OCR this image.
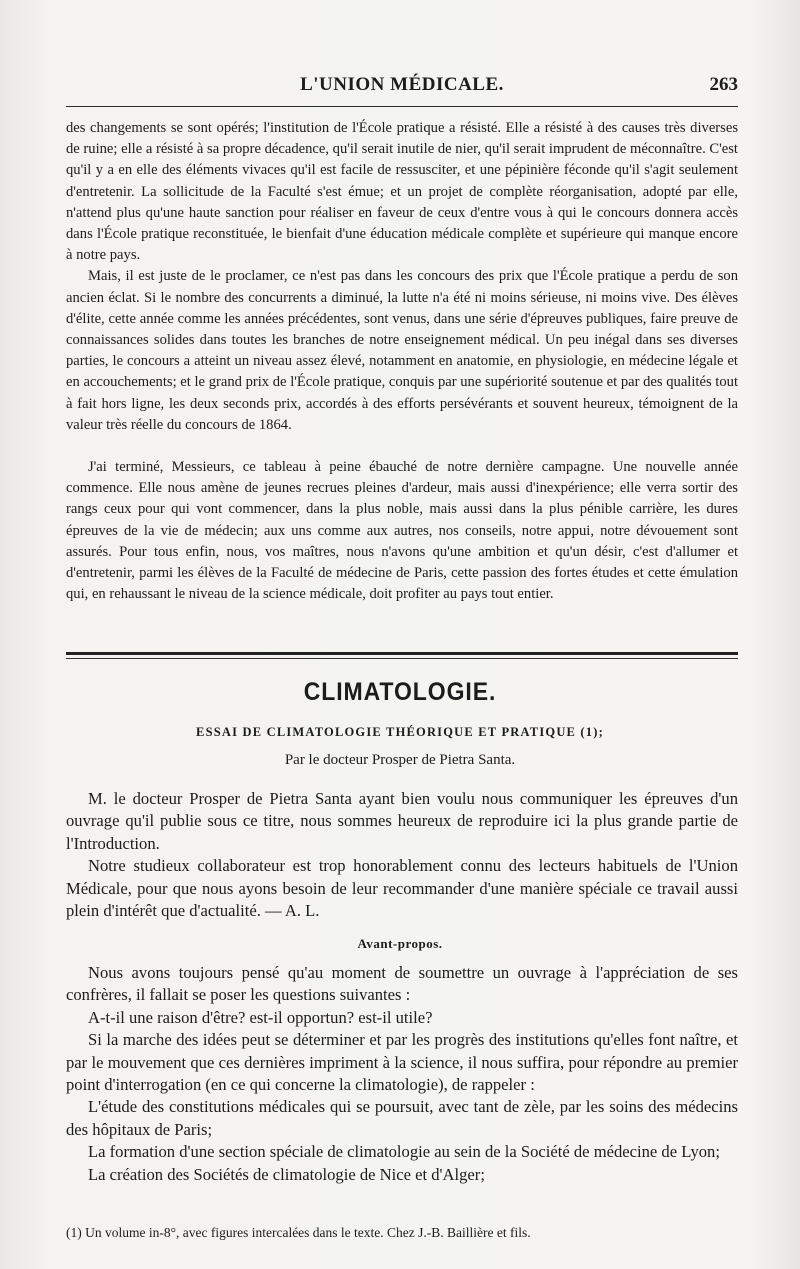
L'UNION MÉDICALE.	263

des changements se sont opérés; l'institution de l'École pratique a résisté. Elle a résisté à des causes très diverses de ruine; elle a résisté à sa propre décadence, qu'il serait inutile de nier, qu'il serait imprudent de méconnaître. C'est qu'il y a en elle des éléments vivaces qu'il est facile de ressusciter, et une pépinière féconde qu'il s'agit seulement d'entretenir. La sollicitude de la Faculté s'est émue; et un projet de complète réorganisation, adopté par elle, n'attend plus qu'une haute sanction pour réaliser en faveur de ceux d'entre vous à qui le concours donnera accès dans l'École pratique reconstituée, le bienfait d'une éducation médicale complète et supérieure qui manque encore à notre pays.

Mais, il est juste de le proclamer, ce n'est pas dans les concours des prix que l'École pratique a perdu de son ancien éclat. Si le nombre des concurrents a diminué, la lutte n'a été ni moins sérieuse, ni moins vive. Des élèves d'élite, cette année comme les années précédentes, sont venus, dans une série d'épreuves publiques, faire preuve de connaissances solides dans toutes les branches de notre enseignement médical. Un peu inégal dans ses diverses parties, le concours a atteint un niveau assez élevé, notamment en anatomie, en physiologie, en médecine légale et en accouchements; et le grand prix de l'École pratique, conquis par une supériorité soutenue et par des qualités tout à fait hors ligne, les deux seconds prix, accordés à des efforts persévérants et souvent heureux, témoignent de la valeur très réelle du concours de 1864.

J'ai terminé, Messieurs, ce tableau à peine ébauché de notre dernière campagne. Une nouvelle année commence. Elle nous amène de jeunes recrues pleines d'ardeur, mais aussi d'inexpérience; elle verra sortir des rangs ceux pour qui vont commencer, dans la plus noble, mais aussi dans la plus pénible carrière, les dures épreuves de la vie de médecin; aux uns comme aux autres, nos conseils, notre appui, notre dévouement sont assurés. Pour tous enfin, nous, vos maîtres, nous n'avons qu'une ambition et qu'un désir, c'est d'allumer et d'entretenir, parmi les élèves de la Faculté de médecine de Paris, cette passion des fortes études et cette émulation qui, en rehaussant le niveau de la science médicale, doit profiter au pays tout entier.

CLIMATOLOGIE.
ESSAI DE CLIMATOLOGIE THÉORIQUE ET PRATIQUE (1);
Par le docteur Prosper de Pietra Santa.

M. le docteur Prosper de Pietra Santa ayant bien voulu nous communiquer les épreuves d'un ouvrage qu'il publie sous ce titre, nous sommes heureux de reproduire ici la plus grande partie de l'Introduction.

Notre studieux collaborateur est trop honorablement connu des lecteurs habituels de l'Union Médicale, pour que nous ayons besoin de leur recommander d'une manière spéciale ce travail aussi plein d'intérêt que d'actualité. — A. L.

Avant-propos.

Nous avons toujours pensé qu'au moment de soumettre un ouvrage à l'appréciation de ses confrères, il fallait se poser les questions suivantes :

A-t-il une raison d'être? est-il opportun? est-il utile?

Si la marche des idées peut se déterminer et par les progrès des institutions qu'elles font naître, et par le mouvement que ces dernières impriment à la science, il nous suffira, pour répondre au premier point d'interrogation (en ce qui concerne la climatologie), de rappeler :

L'étude des constitutions médicales qui se poursuit, avec tant de zèle, par les soins des médecins des hôpitaux de Paris;

La formation d'une section spéciale de climatologie au sein de la Société de médecine de Lyon;

La création des Sociétés de climatologie de Nice et d'Alger;

(1) Un volume in-8°, avec figures intercalées dans le texte. Chez J.-B. Baillière et fils.
